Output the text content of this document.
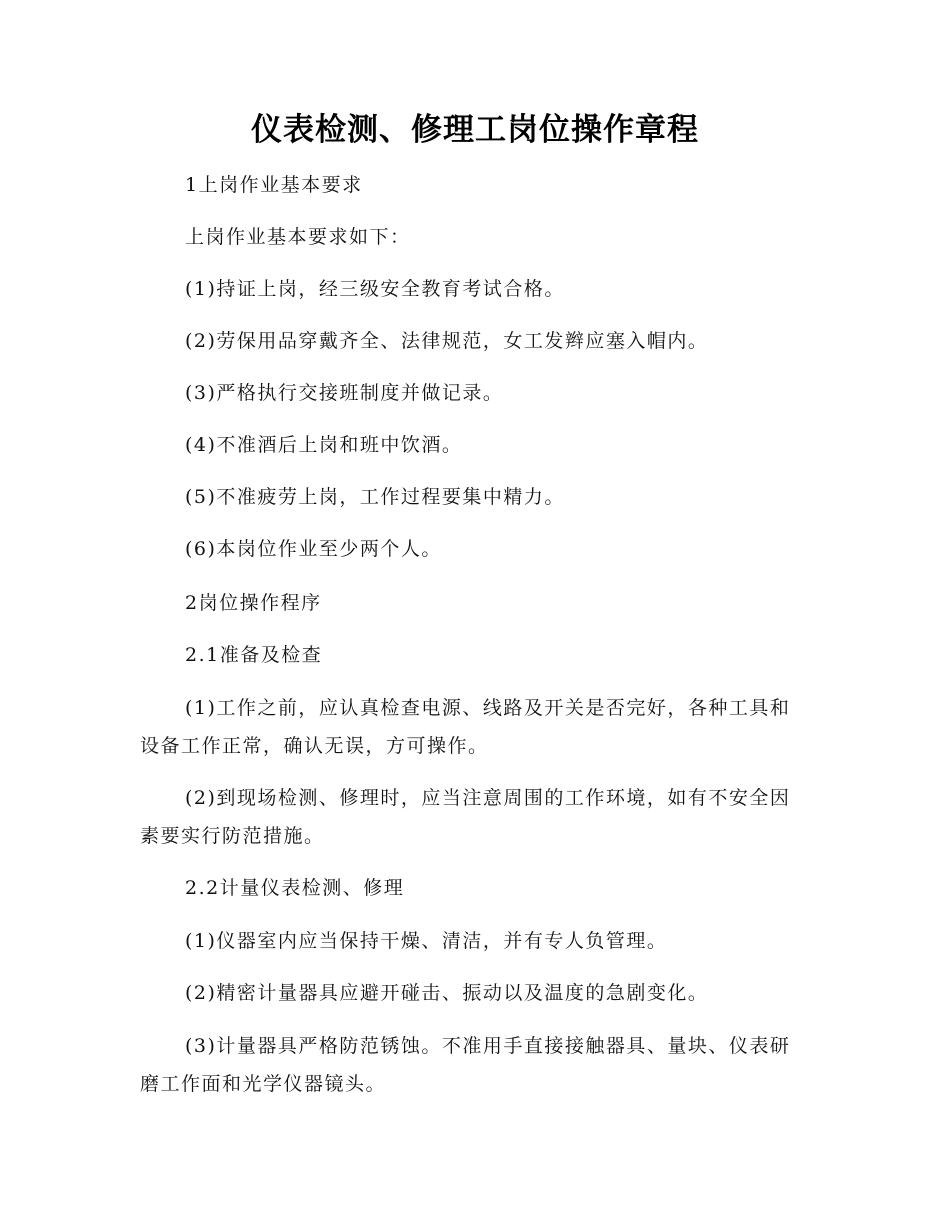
仪表检测、修理工岗位操作章程
1上岗作业基本要求
上岗作业基本要求如下：
(1)持证上岗，经三级安全教育考试合格。
(2)劳保用品穿戴齐全、法律规范，女工发辫应塞入帽内。
(3)严格执行交接班制度并做记录。
(4)不准酒后上岗和班中饮酒。
(5)不准疲劳上岗，工作过程要集中精力。
(6)本岗位作业至少两个人。
2岗位操作程序
2.1准备及检查
(1)工作之前，应认真检查电源、线路及开关是否完好，各种工具和设备工作正常，确认无误，方可操作。
(2)到现场检测、修理时，应当注意周围的工作环境，如有不安全因素要实行防范措施。
2.2计量仪表检测、修理
(1)仪器室内应当保持干燥、清洁，并有专人负管理。
(2)精密计量器具应避开碰击、振动以及温度的急剧变化。
(3)计量器具严格防范锈蚀。不准用手直接接触器具、量块、仪表研磨工作面和光学仪器镜头。
